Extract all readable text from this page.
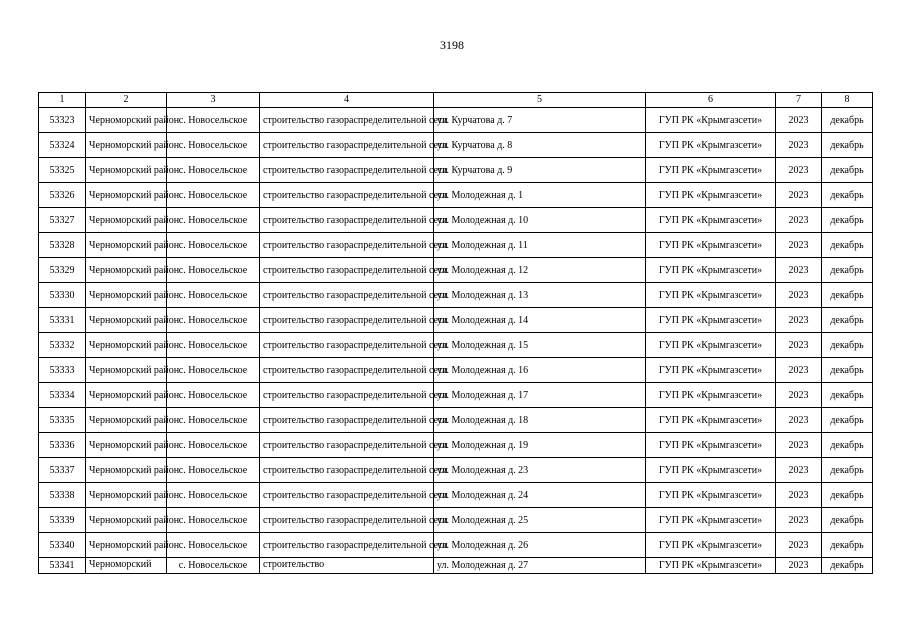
3198
1	2	3	4	5	6	7	8
53323	Черноморский район	с. Новосельское	строительство газораспределительной сети	ул. Курчатова д. 7	ГУП РК «Крымгазсети»	2023	декабрь
53324	Черноморский район	с. Новосельское	строительство газораспределительной сети	ул. Курчатова д. 8	ГУП РК «Крымгазсети»	2023	декабрь
53325	Черноморский район	с. Новосельское	строительство газораспределительной сети	ул. Курчатова д. 9	ГУП РК «Крымгазсети»	2023	декабрь
53326	Черноморский район	с. Новосельское	строительство газораспределительной сети	ул. Молодежная д. 1	ГУП РК «Крымгазсети»	2023	декабрь
53327	Черноморский район	с. Новосельское	строительство газораспределительной сети	ул. Молодежная д. 10	ГУП РК «Крымгазсети»	2023	декабрь
53328	Черноморский район	с. Новосельское	строительство газораспределительной сети	ул. Молодежная д. 11	ГУП РК «Крымгазсети»	2023	декабрь
53329	Черноморский район	с. Новосельское	строительство газораспределительной сети	ул. Молодежная д. 12	ГУП РК «Крымгазсети»	2023	декабрь
53330	Черноморский район	с. Новосельское	строительство газораспределительной сети	ул. Молодежная д. 13	ГУП РК «Крымгазсети»	2023	декабрь
53331	Черноморский район	с. Новосельское	строительство газораспределительной сети	ул. Молодежная д. 14	ГУП РК «Крымгазсети»	2023	декабрь
53332	Черноморский район	с. Новосельское	строительство газораспределительной сети	ул. Молодежная д. 15	ГУП РК «Крымгазсети»	2023	декабрь
53333	Черноморский район	с. Новосельское	строительство газораспределительной сети	ул. Молодежная д. 16	ГУП РК «Крымгазсети»	2023	декабрь
53334	Черноморский район	с. Новосельское	строительство газораспределительной сети	ул. Молодежная д. 17	ГУП РК «Крымгазсети»	2023	декабрь
53335	Черноморский район	с. Новосельское	строительство газораспределительной сети	ул. Молодежная д. 18	ГУП РК «Крымгазсети»	2023	декабрь
53336	Черноморский район	с. Новосельское	строительство газораспределительной сети	ул. Молодежная д. 19	ГУП РК «Крымгазсети»	2023	декабрь
53337	Черноморский район	с. Новосельское	строительство газораспределительной сети	ул. Молодежная д. 23	ГУП РК «Крымгазсети»	2023	декабрь
53338	Черноморский район	с. Новосельское	строительство газораспределительной сети	ул. Молодежная д. 24	ГУП РК «Крымгазсети»	2023	декабрь
53339	Черноморский район	с. Новосельское	строительство газораспределительной сети	ул. Молодежная д. 25	ГУП РК «Крымгазсети»	2023	декабрь
53340	Черноморский район	с. Новосельское	строительство газораспределительной сети	ул. Молодежная д. 26	ГУП РК «Крымгазсети»	2023	декабрь
53341	Черноморский	с. Новосельское	строительство	ул. Молодежная д. 27	ГУП РК «Крымгазсети»	2023	декабрь
